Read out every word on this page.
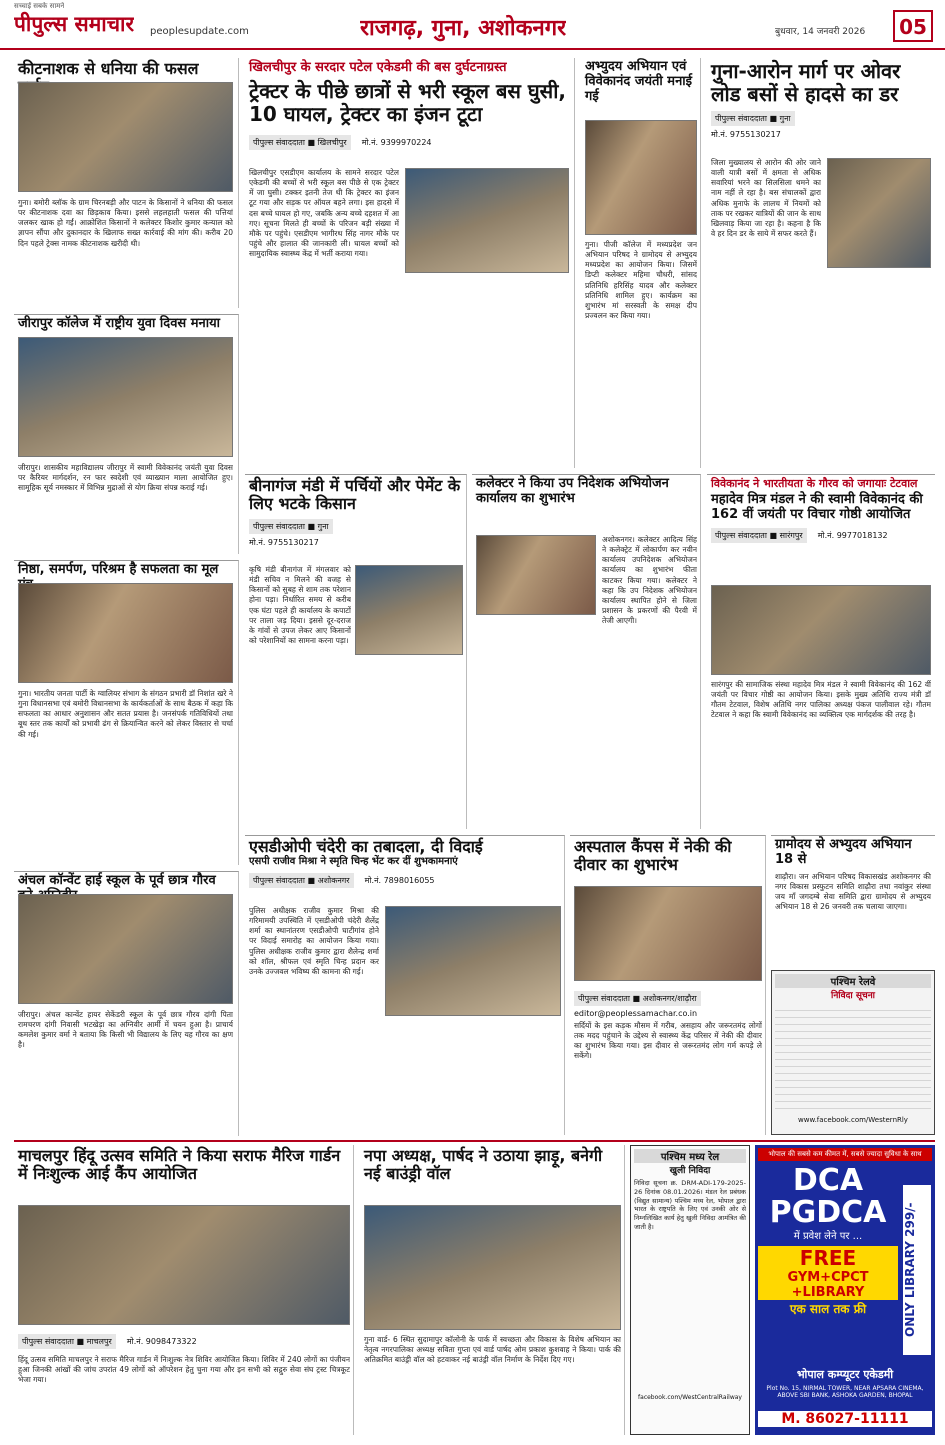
सच्चाई सबके सामने
पीपुल्स समाचार peoplesupdate.com	राजगढ़, गुना, अशोकनगर	बुधवार, 14 जनवरी 2026	05
कीटनाशक से धनिया की फसल
गुना। बमोरी ब्लॉक के ग्राम चिरनबड़ी और पाटन के किसानों ने धनिया की फसल पर कीटनाशक दवा का छिड़काव किया। इससे लहलहाती फसल की पत्तियां जलकर खाक हो गईं। आक्रोशित किसानों ने कलेक्टर किशोर कुमार कन्याल को ज्ञापन सौंपा और दुकानदार के खिलाफ सख्त कार्रवाई की मांग की। करीब 20 दिन पहले ट्रेक्स नामक कीटनाशक खरीदी थी।
जीरापुर कॉलेज में राष्ट्रीय युवा दिवस मनाया
जीरापुर। शासकीय महाविद्यालय जीरापुर में स्वामी विवेकानंद जयंती युवा दिवस पर कैरियर मार्गदर्शन, रन फार स्वदेशी एवं व्याख्यान माला आयोजित हुए। सामूहिक सूर्य नमस्कार में विभिन्न मुद्राओं से योग क्रिया संपन्न कराई गई।
निष्ठा, समर्पण, परिश्रम है सफलता का मूल
गुना। भारतीय जनता पार्टी के ग्वालियर संभाग के संगठन प्रभारी डॉ निशांत खरे ने गुना विधानसभा एवं बमोरी विधानसभा के कार्यकर्ताओं के साथ बैठक में कहा कि सफलता का आधार अनुशासन और सतत प्रयास है। जनसंपर्क गतिविधियों तथा बूथ स्तर तक कार्यों को प्रभावी ढंग से क्रियान्वित करने को लेकर विस्तार से चर्चा की गई।
अंचल कॉन्वेंट हाई स्कूल के पूर्व छात्र गौरव
जीरापुर। अंचल कान्वेंट हायर सेकेंडरी स्कूल के पूर्व छात्र गौरव दांगी पिता रामचरण दांगी निवासी भटखेड़ा का अग्निवीर आर्मी में चयन हुआ है। प्राचार्य कमलेश कुमार वर्मा ने बताया कि किसी भी विद्यालय के लिए यह गौरव का क्षण है।
खिलचीपुर के सरदार पटेल एकेडमी की बस दुर्घटनाग्रस्त
ट्रेक्टर के पीछे छात्रों से भरी स्कूल बस घुसी, 10 घायल, ट्रेक्टर का इंजन टूटा
पीपुल्स संवाददाता ■ खिलचीपुर मो.नं. 9399970224
खिलचीपुर एसडीएम कार्यालय के सामने सरदार पटेल एकेडमी की बच्चों से भरी स्कूल बस पीछे से एक ट्रेक्टर में जा घुसी। टक्कर इतनी तेज थी कि ट्रेक्टर का इंजन टूट गया और सड़क पर ऑयल बहने लगा। इस हादसे में दस बच्चे घायल हो गए, जबकि अन्य बच्चे दहशत में आ गए। सूचना मिलते ही बच्चों के परिजन बड़ी संख्या में मौके पर पहुंचे। एसडीएम भागीरथ सिंह नागर मौके पर पहुंचे और हालात की जानकारी ली। घायल बच्चों को सामुदायिक स्वास्थ्य केंद्र में भर्ती कराया गया।
अभ्युदय अभियान एवं विवेकानंद जयंती मनाई गई
गुना। पीजी कॉलेज में मध्यप्रदेश जन अभियान परिषद ने ग्रामोदय से अभ्युदय मध्यप्रदेश का आयोजन किया। जिसमें डिप्टी कलेक्टर महिमा चौधरी, सांसद प्रतिनिधि हरिसिंह यादव और कलेक्टर प्रतिनिधि शामिल हुए। कार्यक्रम का शुभारंभ मां सरस्वती के समक्ष दीप प्रज्वलन कर किया गया।
गुना-आरोन मार्ग पर ओवर लोड बसों से हादसे का डर
पीपुल्स संवाददाता ■ गुना
मो.नं. 9755130217
जिला मुख्यालय से आरोन की ओर जाने वाली यात्री बसों में क्षमता से अधिक सवारियां भरने का सिलसिला थमने का नाम नहीं ले रहा है। बस संचालकों द्वारा अधिक मुनाफे के लालच में नियमों को ताक पर रखकर यात्रियों की जान के साथ खिलवाड़ किया जा रहा है। कहना है कि वे हर दिन डर के साये में सफर करते हैं।
बीनागंज मंडी में पर्चियों और पेमेंट के लिए भटके किसान
पीपुल्स संवाददाता ■ गुना
मो.नं. 9755130217
कृषि मंडी बीनागंज में मंगलवार को मंडी सचिव न मिलने की वजह से किसानों को सुबह से शाम तक परेशान होना पड़ा। निर्धारित समय से करीब एक घंटा पहले ही कार्यालय के कपाटों पर ताला जड़ दिया। इससे दूर-दराज के गांवों से उपज लेकर आए किसानों को परेशानियों का सामना करना पड़ा।
कलेक्टर ने किया उप निदेशक अभियोजन कार्यालय का शुभारंभ
अशोकनगर। कलेक्टर आदित्य सिंह ने कलेक्ट्रेट में लोकार्पण कर नवीन कार्यालय उपनिदेशक अभियोजन कार्यालय का शुभारंभ फीता काटकर किया गया। कलेक्टर ने कहा कि उप निदेशक अभियोजन कार्यालय स्थापित होने से जिला प्रशासन के प्रकरणों की पैरवी में तेजी आएगी।
विवेकानंद ने भारतीयता के गौरव को जगायाः टेटवाल
महादेव मित्र मंडल ने की स्वामी विवेकानंद की 162 वीं जयंती पर विचार गोष्ठी आयोजित
पीपुल्स संवाददाता ■ सारंगपुर मो.नं. 9977018132
सारंगपुर की सामाजिक संस्था महादेव मित्र मंडल ने स्वामी विवेकानंद की 162 वीं जयंती पर विचार गोष्ठी का आयोजन किया। इसके मुख्य अतिथि राज्य मंत्री डॉ गौतम टेटवाल, विशेष अतिथि नगर पालिका अध्यक्ष पंकज पालीवाल रहे। गौतम टेटवाल ने कहा कि स्वामी विवेकानंद का व्यक्तित्व एक मार्गदर्शक की तरह है।
एसडीओपी चंदेरी का तबादला, दी विदाई
एसपी राजीव मिश्रा ने स्मृति चिन्ह भेंट कर दीं शुभकामनाएं
पीपुल्स संवाददाता ■ अशोकनगर मो.नं. 7898016055
पुलिस अधीक्षक राजीव कुमार मिश्रा की गरिमामयी उपस्थिति में एसडीओपी चंदेरी शैलेंद्र शर्मा का स्थानांतरण एसडीओपी घाटीगांव होने पर विदाई समारोह का आयोजन किया गया। पुलिस अधीक्षक राजीव कुमार द्वारा शैलेन्द्र शर्मा को शॉल, श्रीफल एवं स्मृति चिन्ह प्रदान कर उनके उज्जवल भविष्य की कामना की गई।
अस्पताल कैंपस में नेकी की दीवार का शुभारंभ
पीपुल्स संवाददाता ■ अशोकनगर/शाढ़ौरा
editor@peoplessamachar.co.in
सर्दियों के इस कड़क मौसम में गरीब, असहाय और जरूरतमंद लोगों तक मदद पहुंचाने के उद्देश्य से स्वास्थ्य केंद्र परिसर में नेकी की दीवार का शुभारंभ किया गया। इस दीवार से जरूरतमंद लोग गर्म कपड़े ले सकेंगे।
ग्रामोदय से अभ्युदय अभियान 18 से
शाढ़ौरा। जन अभियान परिषद विकासखंड अशोकनगर की नगर विकास प्रस्फुटन समिति शाढ़ौरा तथा नवांकुर संस्था जय माँ जगदम्बे सेवा समिति द्वारा ग्रामोदय से अभ्युदय अभियान 18 से 26 जनवरी तक चलाया जाएगा।
पश्चिम रेलवे
निविदा सूचना
www.facebook.com/WesternRly
माचलपुर हिंदू उत्सव समिति ने किया सराफ मैरिज गार्डन में निःशुल्क आई कैंप आयोजित
पीपुल्स संवाददाता ■ माचलपुर मो.नं. 9098473322
हिंदू उत्सव समिति माचलपुर ने सराफ मैरिज गार्डन में निःशुल्क नेत्र शिविर आयोजित किया। शिविर में 240 लोगों का पंजीयन हुआ जिनकी आंखों की जांच उपरांत 49 लोगों को ऑपरेशन हेतु चुना गया और इन सभी को सद्गुरु सेवा संघ ट्रस्ट चित्रकूट भेजा गया।
नपा अध्यक्ष, पार्षद ने उठाया झाड़ू, बनेगी नई बाउंड्री वॉल
गुना वार्ड- 6 स्थित सुदामापुर कॉलोनी के पार्क में स्वच्छता और विकास के विशेष अभियान का नेतृत्व नगरपालिका अध्यक्ष सविता गुप्ता एवं वार्ड पार्षद ओम प्रकाश कुशवाह ने किया। पार्क की अतिक्रमित बाउंड्री वॉल को हटवाकर नई बाउंड्री वॉल निर्माण के निर्देश दिए गए।
पश्चिम मध्य रेल
खुली निविदा
निविदा सूचना क्र. DRM-ADI-179-2025-26 दिनांक 08.01.2026। मंडल रेल प्रबंधक (विद्युत सामान्य) पश्चिम मध्य रेल, भोपाल द्वारा भारत के राष्ट्रपति के लिए एवं उनकी ओर से निम्नलिखित कार्य हेतु खुली निविदा आमंत्रित की जाती है।
facebook.com/WestCentralRailway
भोपाल की सबसे कम कीमत में, सबसे ज्यादा सुविधा के साथ
DCA
PGDCA
में प्रवेश लेने पर ...
FREE
GYM+CPCT +LIBRARY
एक साल तक फ्री	ONLY LIBRARY 299/-
भोपाल कम्प्यूटर एकेडमी
Plot No. 15, NIRMAL TOWER, NEAR APSARA CINEMA, ABOVE SBI BANK, ASHOKA GARDEN, BHOPAL
M. 86027-11111
